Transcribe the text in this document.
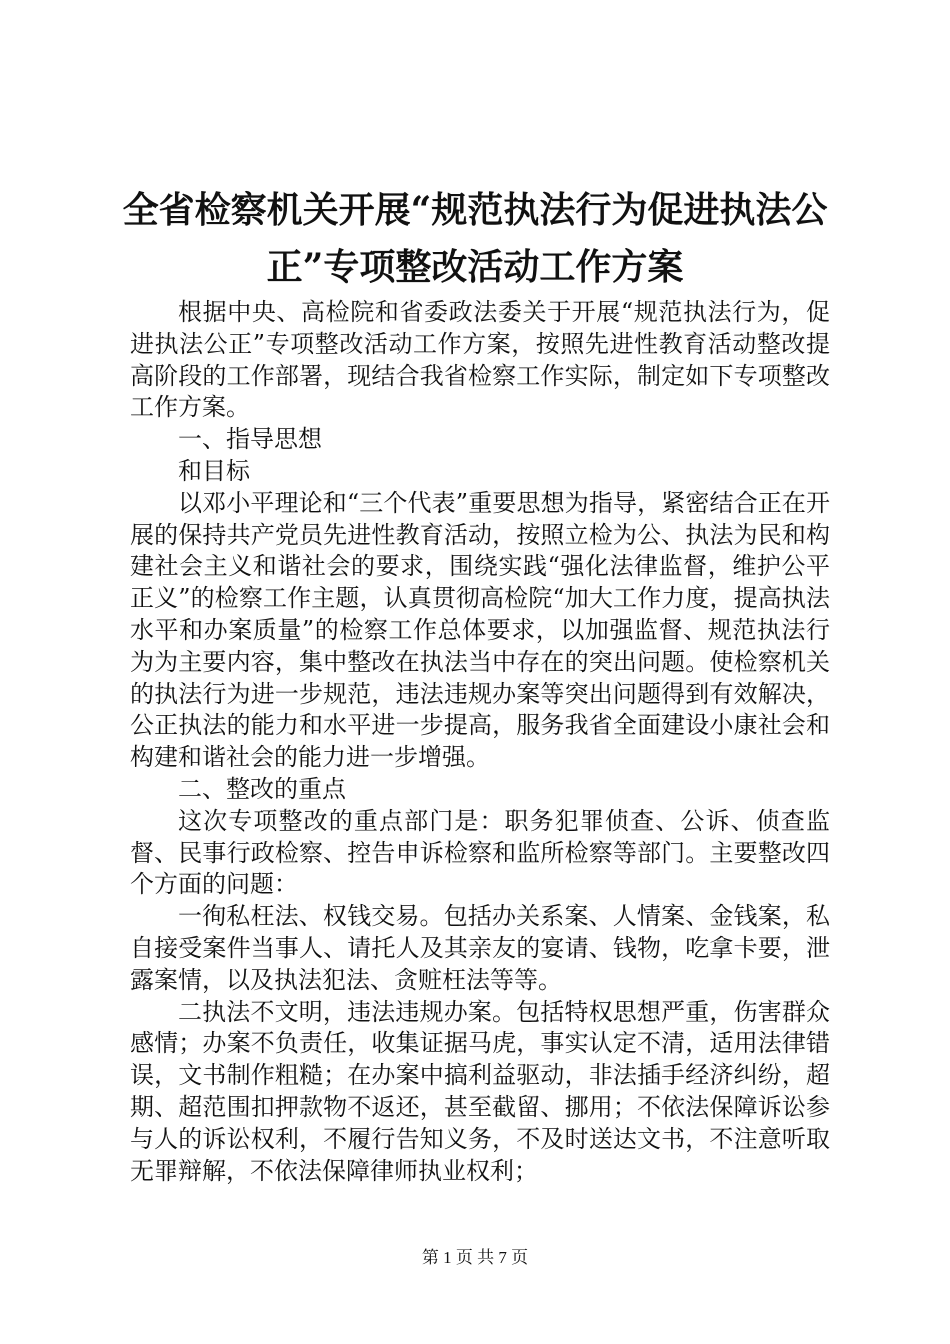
全省检察机关开展“规范执法行为促进执法公
正”专项整改活动工作方案

根据中央、高检院和省委政法委关于开展“规范执法行为，促进执法公正”专项整改活动工作方案，按照先进性教育活动整改提高阶段的工作部署，现结合我省检察工作实际，制定如下专项整改工作方案。

一、指导思想

和目标

以邓小平理论和“三个代表”重要思想为指导，紧密结合正在开展的保持共产党员先进性教育活动，按照立检为公、执法为民和构建社会主义和谐社会的要求，围绕实践“强化法律监督，维护公平正义”的检察工作主题，认真贯彻高检院“加大工作力度，提高执法水平和办案质量”的检察工作总体要求，以加强监督、规范执法行为为主要内容，集中整改在执法当中存在的突出问题。使检察机关的执法行为进一步规范，违法违规办案等突出问题得到有效解决，公正执法的能力和水平进一步提高，服务我省全面建设小康社会和构建和谐社会的能力进一步增强。

二、整改的重点

这次专项整改的重点部门是：职务犯罪侦查、公诉、侦查监督、民事行政检察、控告申诉检察和监所检察等部门。主要整改四个方面的问题：

一徇私枉法、权钱交易。包括办关系案、人情案、金钱案，私自接受案件当事人、请托人及其亲友的宴请、钱物，吃拿卡要，泄露案情，以及执法犯法、贪赃枉法等等。

二执法不文明，违法违规办案。包括特权思想严重，伤害群众感情；办案不负责任，收集证据马虎，事实认定不清，适用法律错误，文书制作粗糙；在办案中搞利益驱动，非法插手经济纠纷，超期、超范围扣押款物不返还，甚至截留、挪用；不依法保障诉讼参与人的诉讼权利，不履行告知义务，不及时送达文书，不注意听取无罪辩解，不依法保障律师执业权利；

第 1 页 共 7 页
